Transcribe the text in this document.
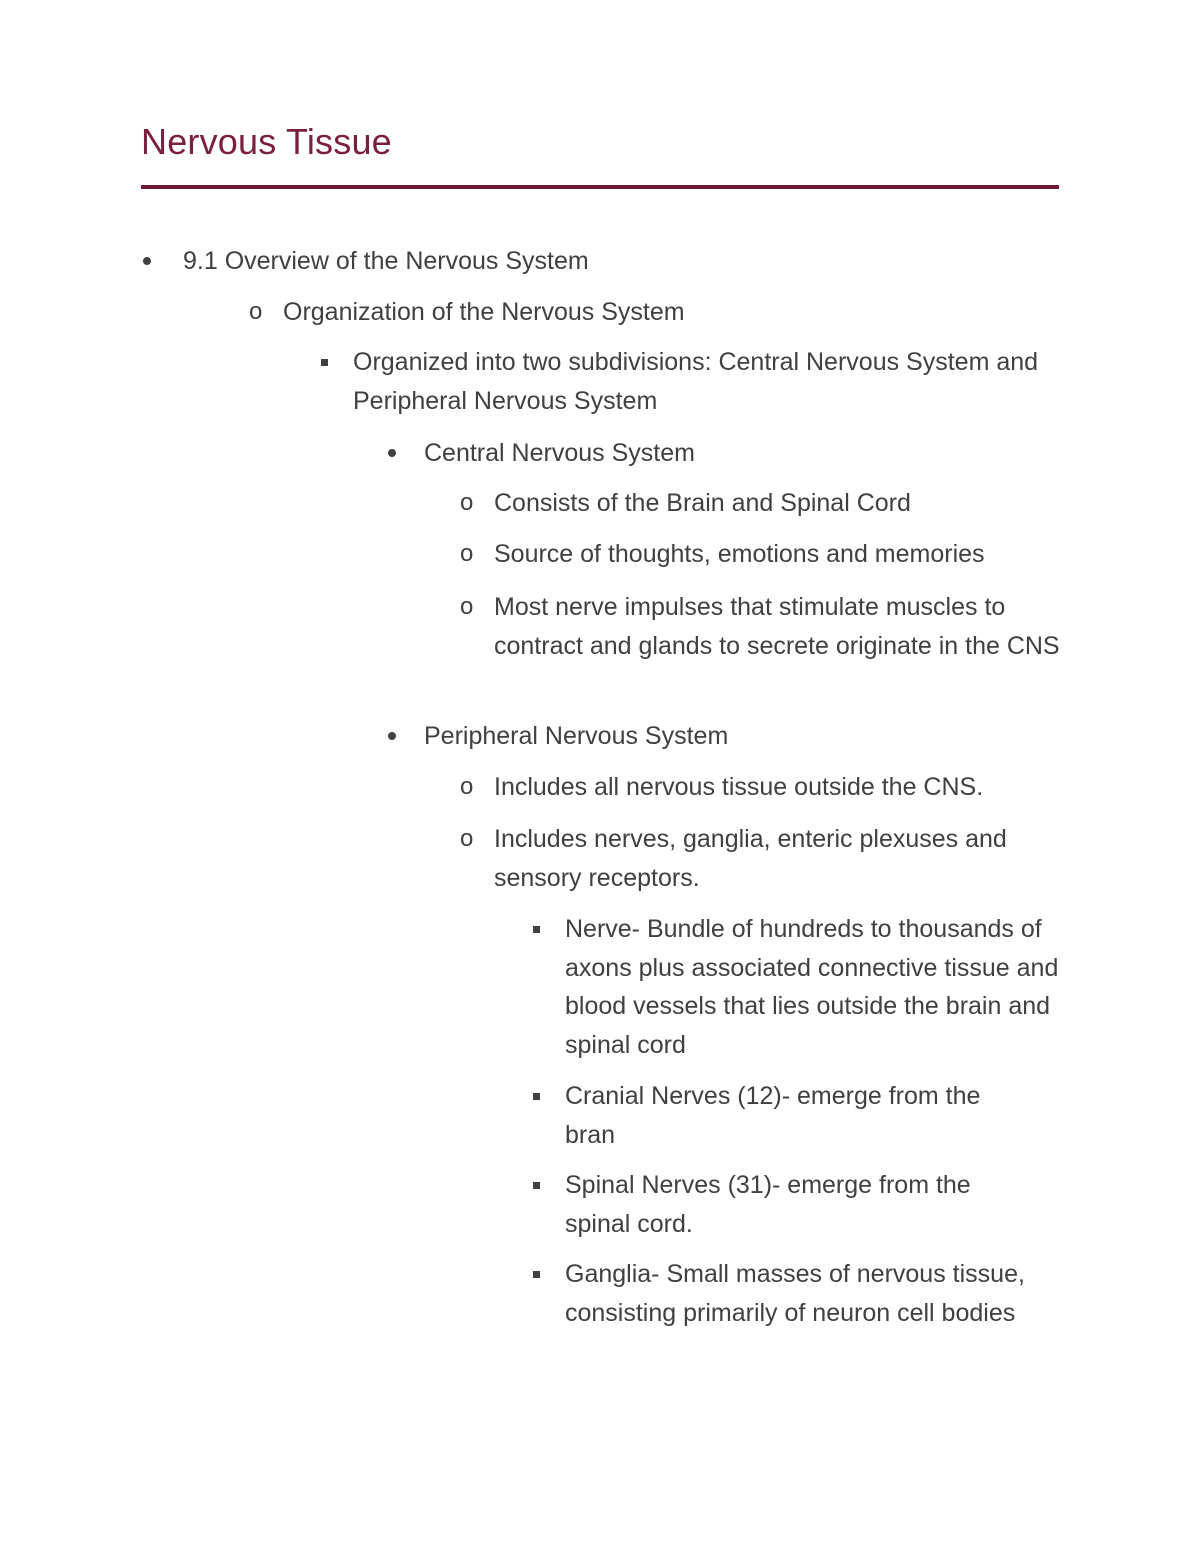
Nervous Tissue
9.1 Overview of the Nervous System
o Organization of the Nervous System
Organized into two subdivisions: Central Nervous System and Peripheral Nervous System
Central Nervous System
o Consists of the Brain and Spinal Cord
o Source of thoughts, emotions and memories
o Most nerve impulses that stimulate muscles to contract and glands to secrete originate in the CNS
Peripheral Nervous System
o Includes all nervous tissue outside the CNS.
o Includes nerves, ganglia, enteric plexuses and sensory receptors.
Nerve- Bundle of hundreds to thousands of axons plus associated connective tissue and blood vessels that lies outside the brain and spinal cord
Cranial Nerves (12)- emerge from the bran
Spinal Nerves (31)- emerge from the spinal cord.
Ganglia- Small masses of nervous tissue, consisting primarily of neuron cell bodies
